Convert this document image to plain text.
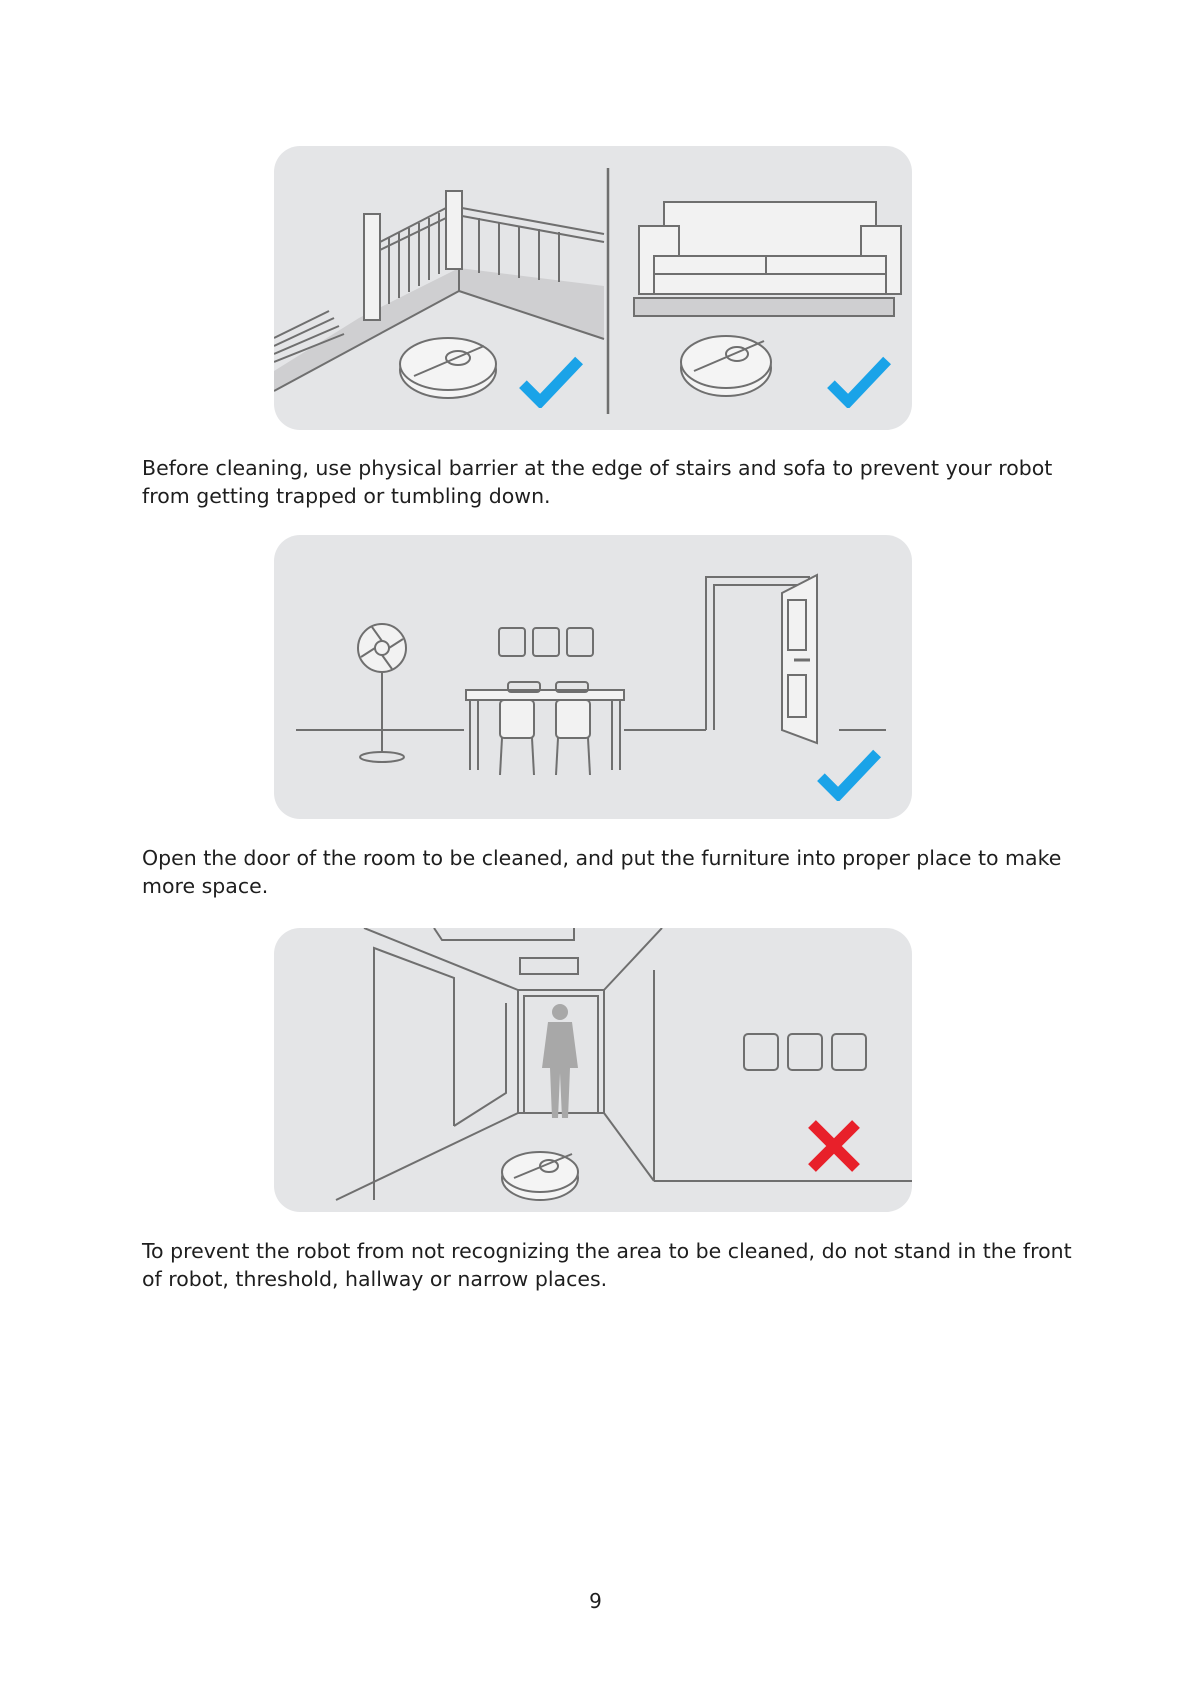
Before cleaning, use physical barrier at the edge of stairs and sofa to prevent your robot from getting trapped or tumbling down.
Open the door of the room to be cleaned, and put the furniture into proper place to make more space.
To prevent the robot from not recognizing the area to be cleaned, do not stand in the front of robot, threshold, hallway or narrow places.
9
